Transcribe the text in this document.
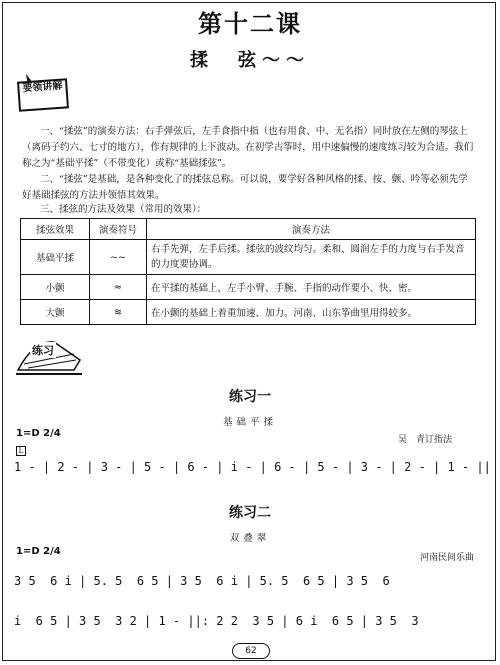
第十二课
揉　弦～～
要领讲解
一、“揉弦”的演奏方法：右手弹弦后，左手食指中指（也有用食、中、无名指）同时放在左侧的琴弦上（离码子约六、七寸的地方），作有规律的上下波动。在初学古筝时，用中速偏慢的速度练习较为合适。我们称之为“基础平揉”（不带变化）或称“基础揉弦”。
二、“揉弦”是基础，是各种变化了的揉弦总称。可以说，要学好各种风格的揉、按、颤、吟等必须先学好基础揉弦的方法并领悟其效果。
三、揉弦的方法及效果（常用的效果）：
揉弦效果	演奏符号	演奏方法
基础平揉	~~	右手先弹，左手后揉。揉弦的波纹均匀。柔和、圆润左手的力度与右手发音的力度要协调。
小颤	≈	在平揉的基础上，左手小臂、手腕、手指的动作要小、快、密。
大颤	≋	在小颤的基础上着重加速、加力。河南、山东筝曲里用得较多。
练习
练习一
基础平揉
1=D 2/4
吴　青订指法
L
1 - | 2 - | 3 - | 5 - | 6 - | i - | 6 - | 5 - | 3 - | 2 - | 1 - ||
练习二
双叠翠
1=D 2/4
河南民间乐曲
3 5  6 i | 5. 5  6 5 | 3 5  6 i | 5. 5  6 5 | 3 5  6
i  6 5 | 3 5  3 2 | 1 - ||: 2 2  3 5 | 6 i  6 5 | 3 5  3
62
